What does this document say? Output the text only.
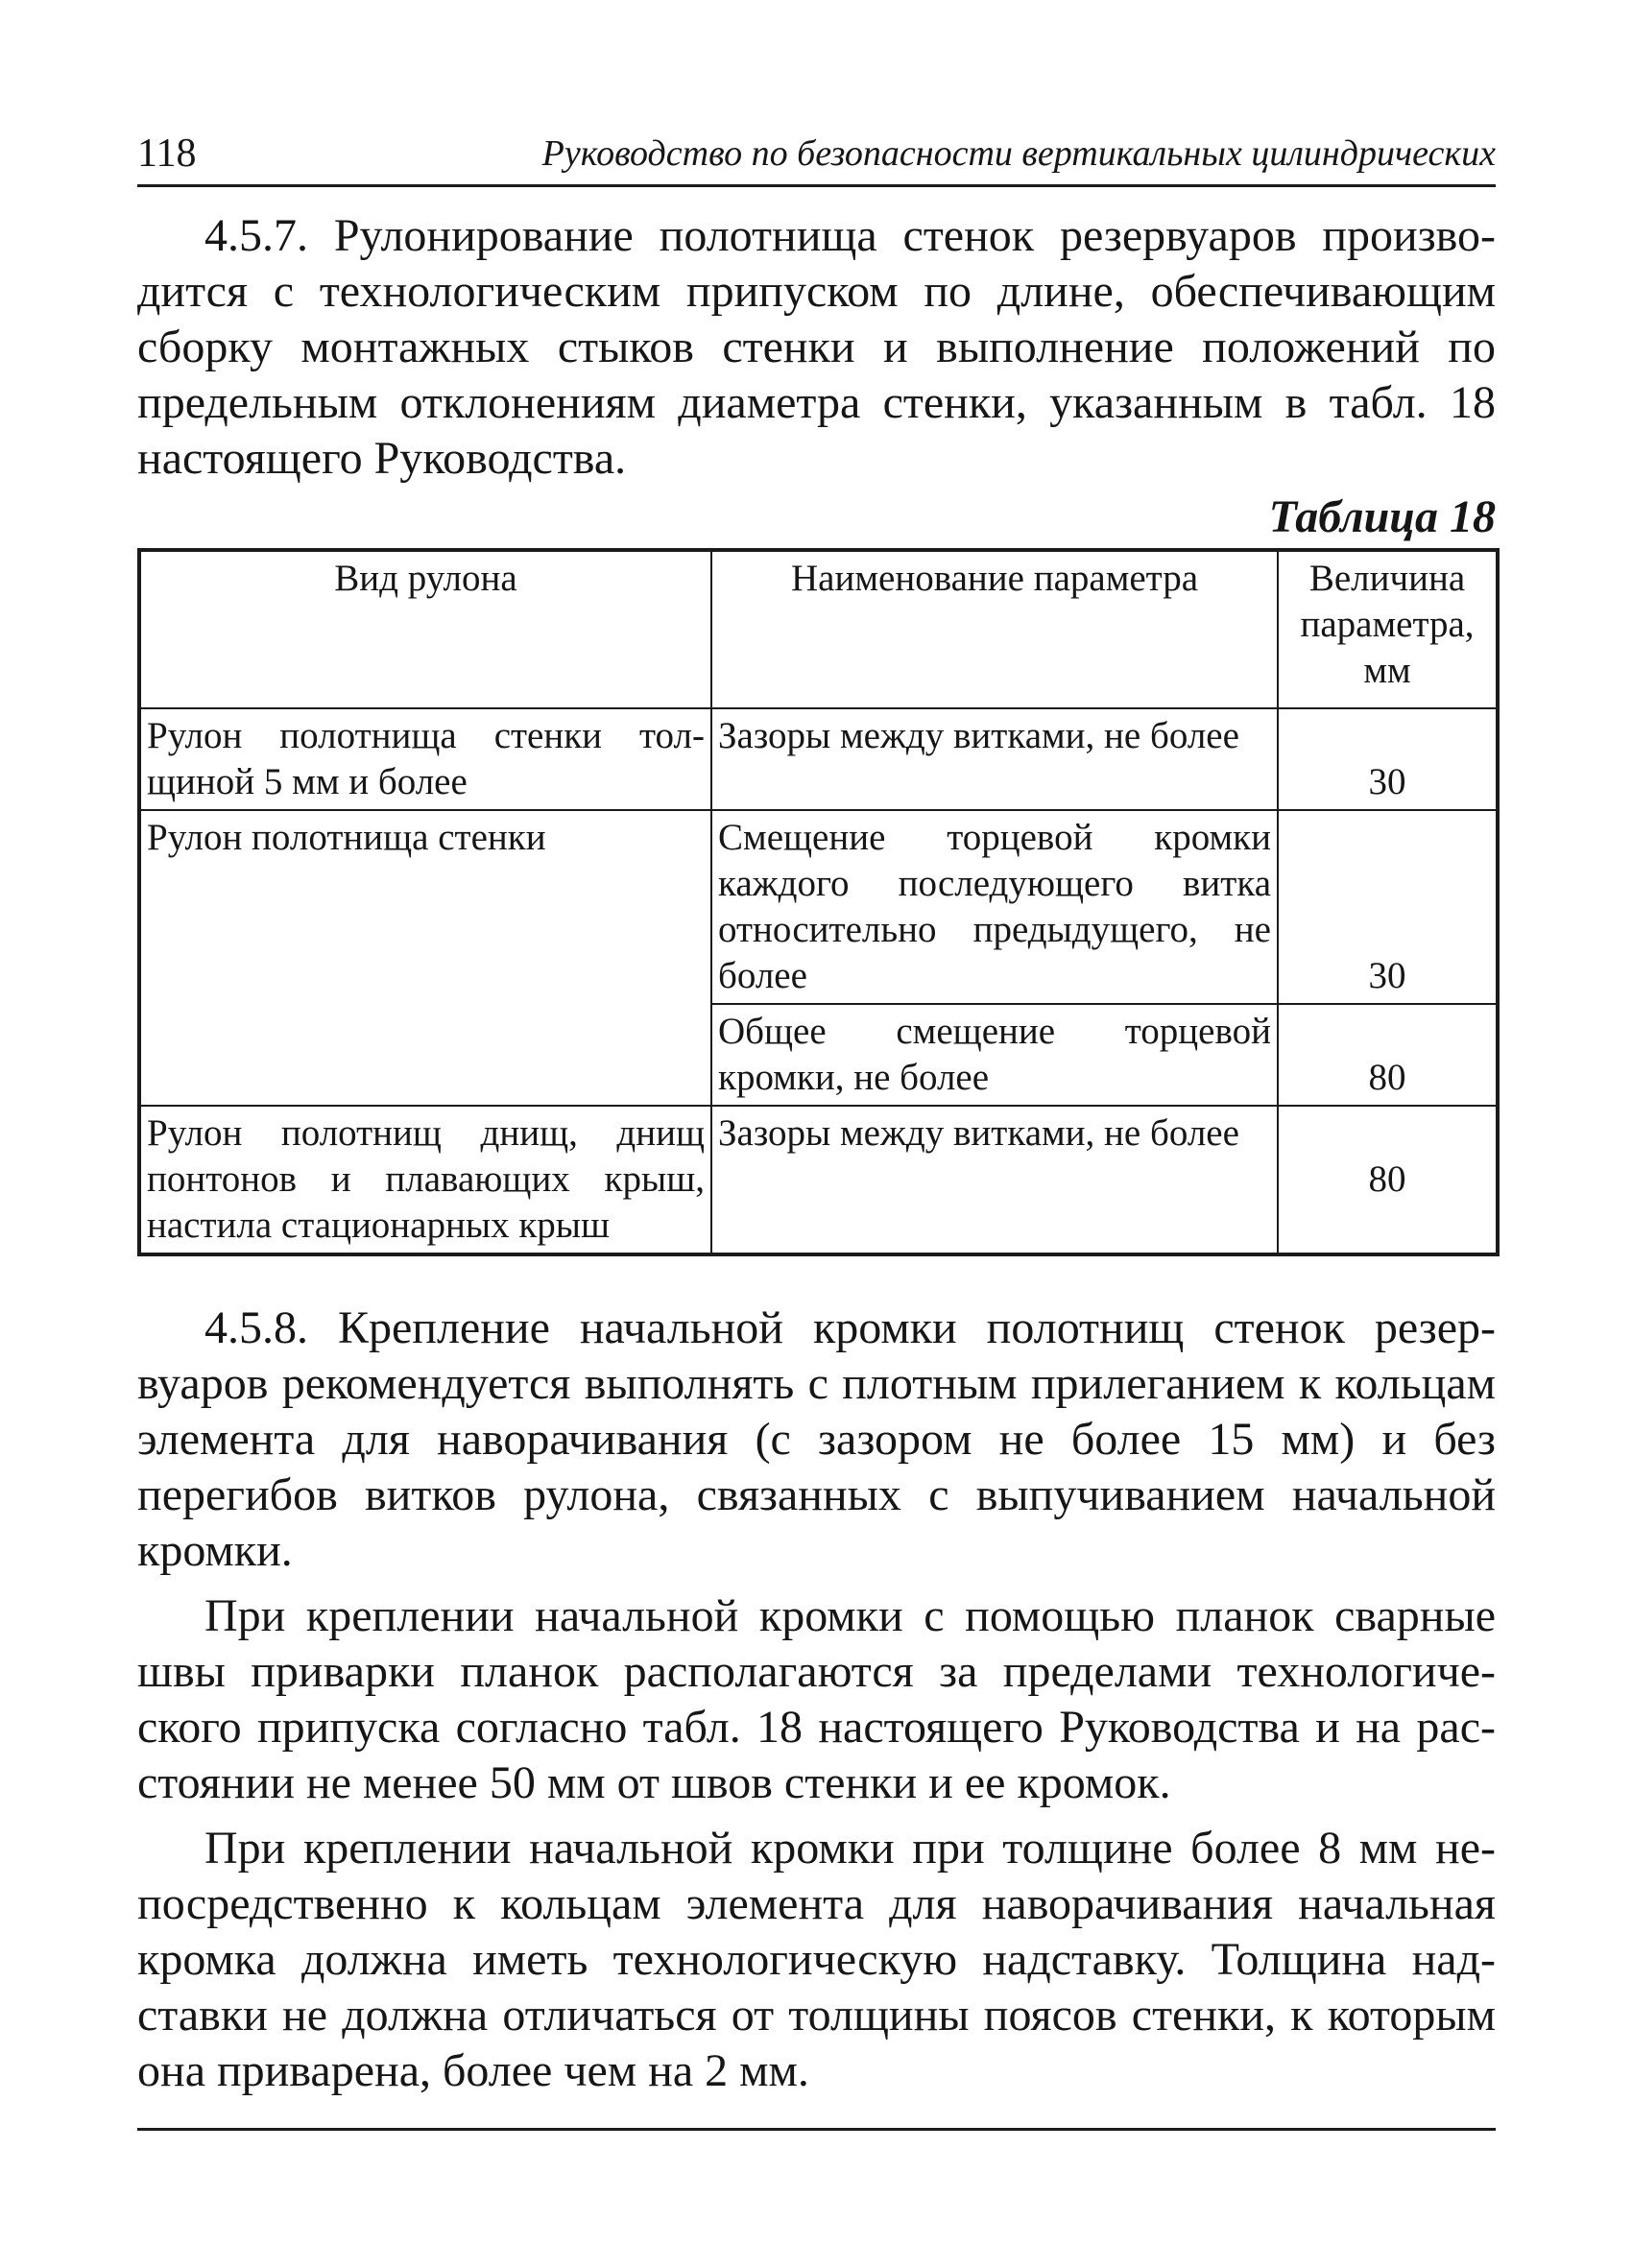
118	Руководство по безопасности вертикальных цилиндрических

4.5.7. Рулонирование полотнища стенок резервуаров производится с технологическим припуском по длине, обеспечивающим сборку монтажных стыков стенки и выполнение положений по предельным отклонениям диаметра стенки, указанным в табл. 18 настоящего Руководства.

Таблица 18
Вид рулона	Наименование параметра	Величина параметра, мм
Рулон полотнища стенки толщиной 5 мм и более	Зазоры между витками, не более	30
Рулон полотнища стенки	Смещение торцевой кромки каждого последующего витка относительно предыдущего, не более	30
	Общее смещение торцевой кромки, не более	80
Рулон полотнищ днищ, днищ понтонов и плавающих крыш, настила стационарных крыш	Зазоры между витками, не более	80

4.5.8. Крепление начальной кромки полотнищ стенок резервуаров рекомендуется выполнять с плотным прилеганием к кольцам элемента для наворачивания (с зазором не более 15 мм) и без перегибов витков рулона, связанных с выпучиванием начальной кромки.

При креплении начальной кромки с помощью планок сварные швы приварки планок располагаются за пределами технологического припуска согласно табл. 18 настоящего Руководства и на расстоянии не менее 50 мм от швов стенки и ее кромок.

При креплении начальной кромки при толщине более 8 мм непосредственно к кольцам элемента для наворачивания начальная кромка должна иметь технологическую надставку. Толщина надставки не должна отличаться от толщины поясов стенки, к которым она приварена, более чем на 2 мм.
